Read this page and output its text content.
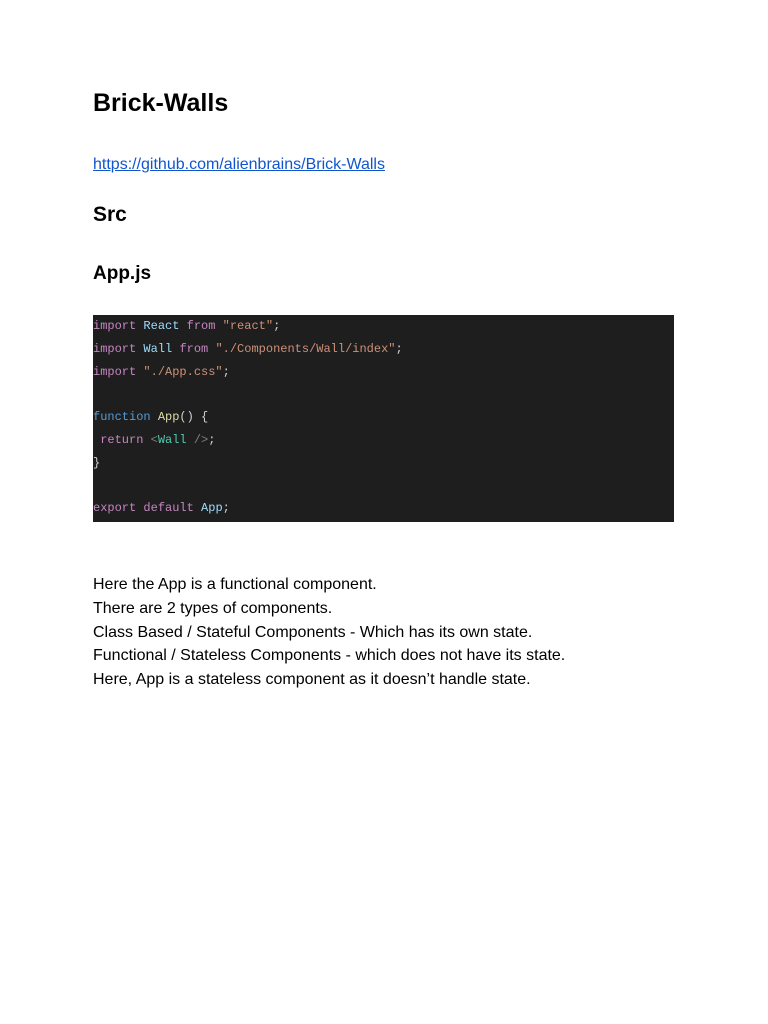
Brick-Walls
https://github.com/alienbrains/Brick-Walls
Src
App.js
import React from "react";
import Wall from "./Components/Wall/index";
import "./App.css";
function App() {
return <Wall />;
}
export default App;
Here the App is a functional component.
There are 2 types of components.
Class Based / Stateful Components - Which has its own state.
Functional / Stateless Components - which does not have its state.
Here, App is a stateless component as it doesn’t handle state.
